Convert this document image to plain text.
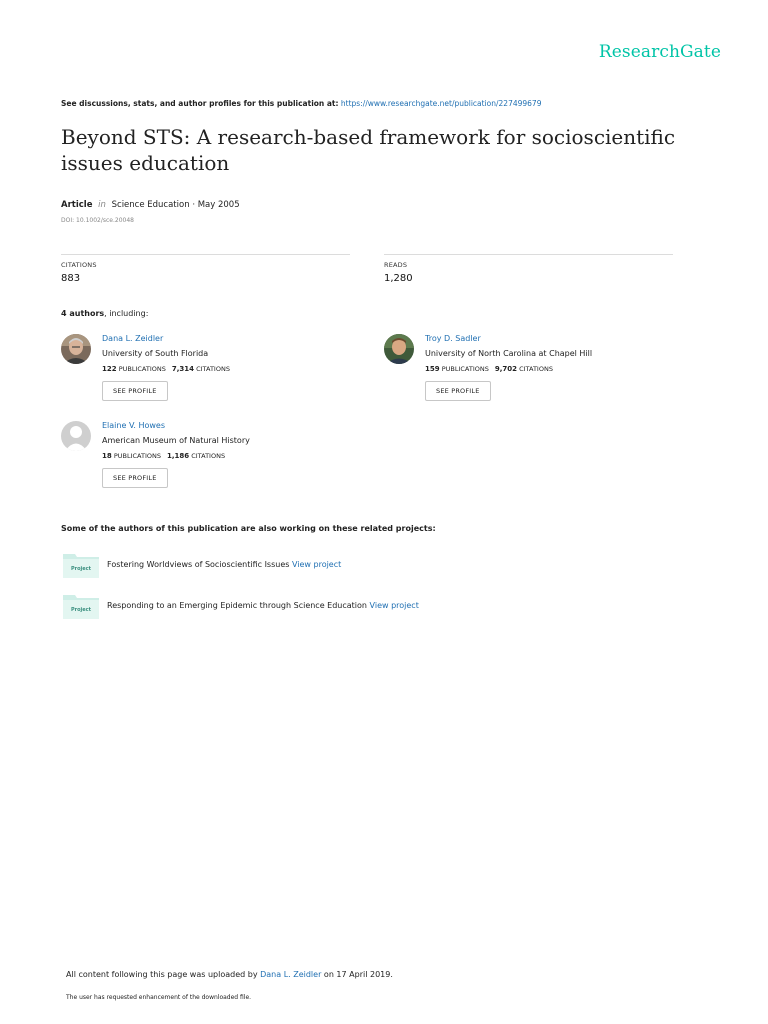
ResearchGate
See discussions, stats, and author profiles for this publication at: https://www.researchgate.net/publication/227499679
Beyond STS: A research-based framework for socioscientific issues education
Article in Science Education · May 2005
DOI: 10.1002/sce.20048
CITATIONS
883
READS
1,280
4 authors, including:
Dana L. Zeidler
University of South Florida
122 PUBLICATIONS 7,314 CITATIONS
SEE PROFILE
Troy D. Sadler
University of North Carolina at Chapel Hill
159 PUBLICATIONS 9,702 CITATIONS
SEE PROFILE
Elaine V. Howes
American Museum of Natural History
18 PUBLICATIONS 1,186 CITATIONS
SEE PROFILE
Some of the authors of this publication are also working on these related projects:
Project Fostering Worldviews of Socioscientific Issues View project
Project Responding to an Emerging Epidemic through Science Education View project
All content following this page was uploaded by Dana L. Zeidler on 17 April 2019.
The user has requested enhancement of the downloaded file.
